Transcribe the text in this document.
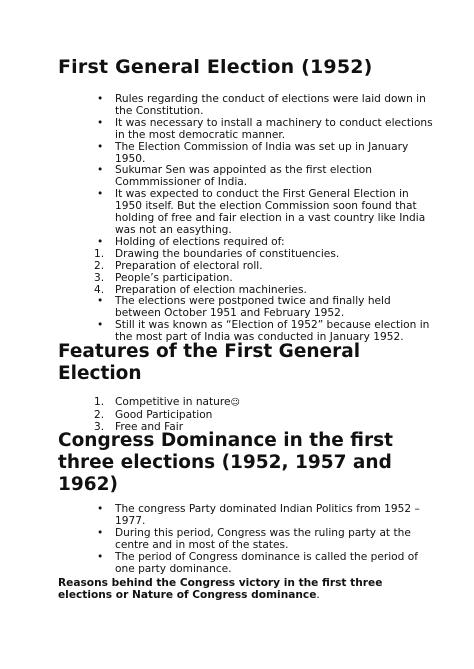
First General Election (1952)
•	Rules regarding the conduct of elections were laid down in the Constitution.
•	It was necessary to install a machinery to conduct elections in the most democratic manner.
•	The Election Commission of India was set up in January 1950.
•	Sukumar Sen was appointed as the first election Commmissioner of India.
•	It was expected to conduct the First General Election in 1950 itself. But the election Commission soon found that holding of free and fair election in a vast country like India was not an easything.
•	Holding of elections required of:
1.	Drawing the boundaries of constituencies.
2.	Preparation of electoral roll.
3.	People’s participation.
4.	Preparation of election machineries.
•	The elections were postponed twice and finally held between October 1951 and February 1952.
•	Still it was known as “Election of 1952” because election in the most part of India was conducted in January 1952.
Features of the First General Election
1.	Competitive in nature☺
2.	Good Participation
3.	Free and Fair
Congress Dominance in the first three elections (1952, 1957 and 1962)
•	The congress Party dominated Indian Politics from 1952 – 1977.
•	During this period, Congress was the ruling party at the centre and in most of the states.
•	The period of Congress dominance is called the period of one party dominance.

Reasons behind the Congress victory in the first three elections or Nature of Congress dominance.
